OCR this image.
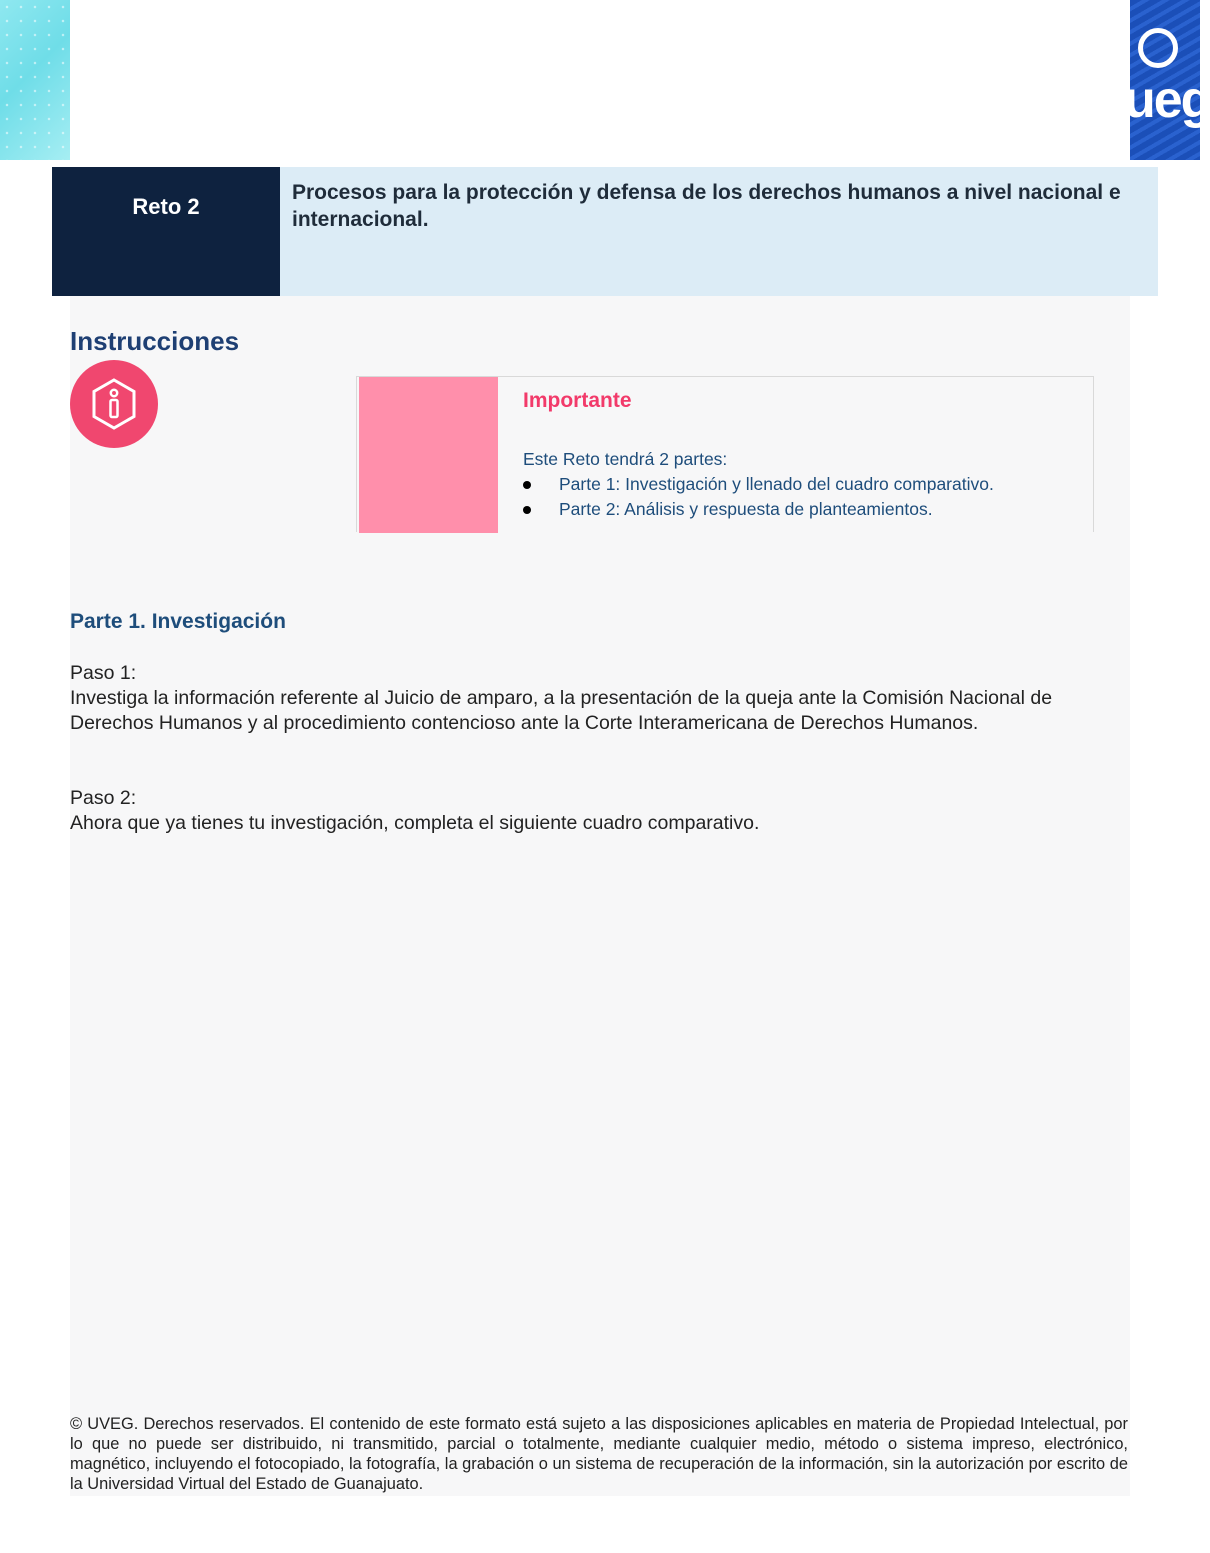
ueg
Reto 2
Procesos para la protección y defensa de los derechos humanos a nivel nacional e internacional.
Instrucciones
Importante
Este Reto tendrá 2 partes:
Parte 1: Investigación y llenado del cuadro comparativo.
Parte 2: Análisis y respuesta de planteamientos.
Parte 1. Investigación
Paso 1:
Investiga la información referente al Juicio de amparo, a la presentación de la queja ante la Comisión Nacional de Derechos Humanos y al procedimiento contencioso ante la Corte Interamericana de Derechos Humanos.
Paso 2:
Ahora que ya tienes tu investigación, completa el siguiente cuadro comparativo.
© UVEG. Derechos reservados. El contenido de este formato está sujeto a las disposiciones aplicables en materia de Propiedad Intelectual, por lo que no puede ser distribuido, ni transmitido, parcial o totalmente, mediante cualquier medio, método o sistema impreso, electrónico, magnético, incluyendo el fotocopiado, la fotografía, la grabación o un sistema de recuperación de la información, sin la autorización por escrito de la Universidad Virtual del Estado de Guanajuato.
